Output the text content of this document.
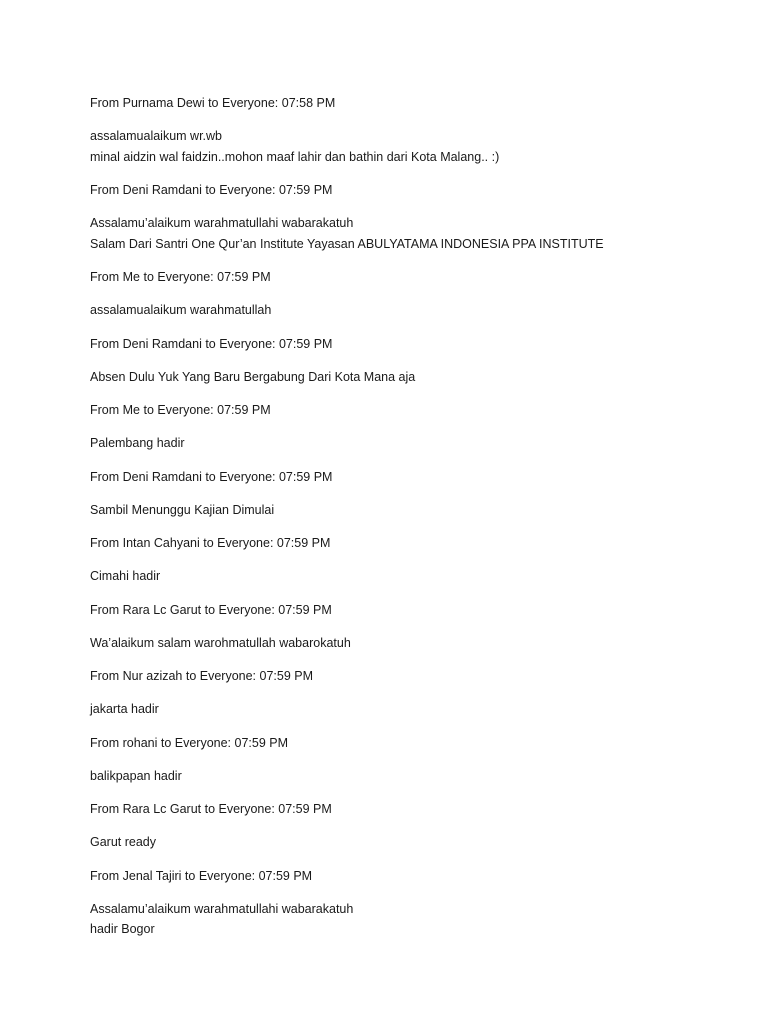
From Purnama Dewi to Everyone: 07:58 PM
assalamualaikum wr.wb
minal aidzin wal faidzin..mohon maaf lahir dan bathin dari Kota Malang.. :)
From Deni Ramdani to Everyone: 07:59 PM
Assalamu’alaikum warahmatullahi wabarakatuh
Salam Dari Santri One Qur’an Institute Yayasan ABULYATAMA INDONESIA PPA INSTITUTE
From Me to Everyone: 07:59 PM
assalamualaikum warahmatullah
From Deni Ramdani to Everyone: 07:59 PM
Absen Dulu Yuk Yang Baru Bergabung Dari Kota Mana aja
From Me to Everyone: 07:59 PM
Palembang hadir
From Deni Ramdani to Everyone: 07:59 PM
Sambil Menunggu Kajian Dimulai
From Intan Cahyani to Everyone: 07:59 PM
Cimahi hadir
From Rara Lc Garut to Everyone: 07:59 PM
Wa’alaikum salam warohmatullah wabarokatuh
From Nur azizah to Everyone: 07:59 PM
jakarta hadir
From rohani to Everyone: 07:59 PM
balikpapan hadir
From Rara Lc Garut to Everyone: 07:59 PM
Garut ready
From Jenal Tajiri to Everyone: 07:59 PM
Assalamu’alaikum warahmatullahi wabarakatuh
hadir Bogor
